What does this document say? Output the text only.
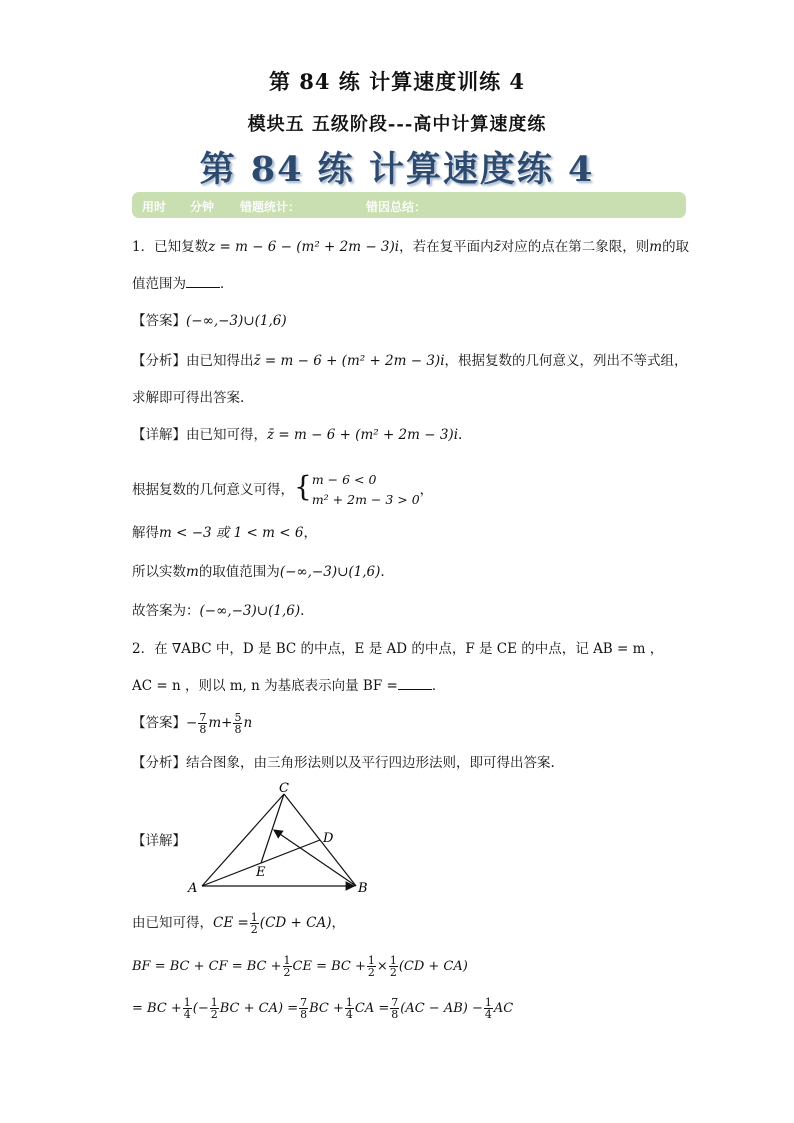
第 84 练 计算速度训练 4
模块五 五级阶段---高中计算速度练
第 84 练 计算速度练 4
用时 分钟 错题统计：	错因总结：
1．已知复数z = m − 6 − (m² + 2m − 3)i，若在复平面内z̄对应的点在第二象限，则m的取
值范围为	．
【答案】(−∞,−3)∪(1,6)
【分析】由已知得出z̄ = m − 6 + (m² + 2m − 3)i，根据复数的几何意义，列出不等式组，
求解即可得出答案.
【详解】由已知可得，z̄ = m − 6 + (m² + 2m − 3)i.
根据复数的几何意义可得，{ m − 6 < 0
m² + 2m − 3 > 0
，
解得m < −3 或 1 < m < 6，
所以实数m的取值范围为(−∞,−3)∪(1,6).
故答案为：(−∞,−3)∪(1,6).
2．在 ∇ABC 中，D 是 BC 的中点，E 是 AD 的中点，F 是 CE 的中点，记 AB = m ，
AC = n ，则以 m, n 为基底表示向量 BF =	．
【答案】− $\frac{7}{8} m+ \frac{5}{8}$ n
【分析】结合图象，由三角形法则以及平行四边形法则，即可得出答案.
【详解】
A	B
C
D
E
由已知可得，CE = $\frac{1}{2} (CD + CA)$，
BF = BC + CF = BC + $\frac{1}{2}$ CE = BC + $\frac{1}{2} \times \frac{1}{2} (CD + CA)$
= BC + $\frac{1}{4}$ (− $\frac{1}{2}$ BC + $CA) = \frac{7}{8}$ BC + $\frac{1}{4}$ CA = $\frac{7}{8} (AC - AB) - \frac{1}{4}$ AC
